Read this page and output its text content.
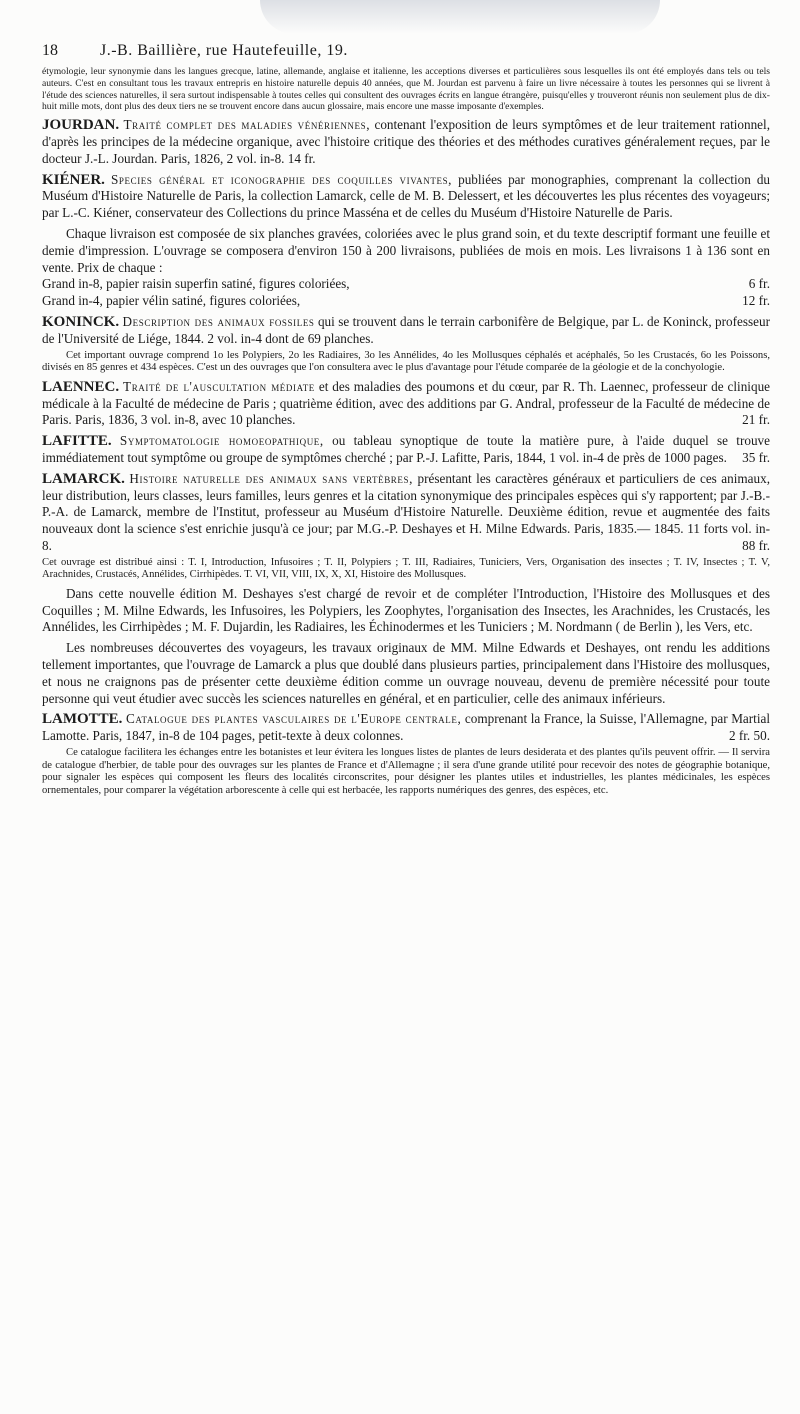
18	J.-B. Baillière, rue Hautefeuille, 19.

étymologie, leur synonymie dans les langues grecque, latine, allemande, anglaise et italienne, les acceptions diverses et particulières sous lesquelles ils ont été employés dans tels ou tels auteurs. C'est en consultant tous les travaux entrepris en histoire naturelle depuis 40 années, que M. Jourdan est parvenu à faire un livre nécessaire à toutes les personnes qui se livrent à l'étude des sciences naturelles, il sera surtout indispensable à toutes celles qui consultent des ouvrages écrits en langue étrangère, puisqu'elles y trouveront réunis non seulement plus de dix-huit mille mots, dont plus des deux tiers ne se trouvent encore dans aucun glossaire, mais encore une masse imposante d'exemples.

JOURDAN. Traité complet des maladies vénériennes, contenant l'exposition de leurs symptômes et de leur traitement rationnel, d'après les principes de la médecine organique, avec l'histoire critique des théories et des méthodes curatives généralement reçues, par le docteur J.-L. Jourdan. Paris, 1826, 2 vol. in-8. 14 fr.

KIÉNER. Species général et iconographie des coquilles vivantes, publiées par monographies, comprenant la collection du Muséum d'Histoire Naturelle de Paris, la collection Lamarck, celle de M. B. Delessert, et les découvertes les plus récentes des voyageurs; par L.-C. Kiéner, conservateur des Collections du prince Masséna et de celles du Muséum d'Histoire Naturelle de Paris.

Chaque livraison est composée de six planches gravées, coloriées avec le plus grand soin, et du texte descriptif formant une feuille et demie d'impression. L'ouvrage se composera d'environ 150 à 200 livraisons, publiées de mois en mois. Les livraisons 1 à 136 sont en vente. Prix de chaque :

Grand in-8, papier raisin superfin satiné, figures coloriées,	6 fr.
Grand in-4, papier vélin satiné, figures coloriées,	12 fr.

KONINCK. Description des animaux fossiles qui se trouvent dans le terrain carbonifère de Belgique, par L. de Koninck, professeur de l'Université de Liége, 1844. 2 vol. in-4 dont de 69 planches.

Cet important ouvrage comprend 1o les Polypiers, 2o les Radiaires, 3o les Annélides, 4o les Mollusques céphalés et acéphalés, 5o les Crustacés, 6o les Poissons, divisés en 85 genres et 434 espèces. C'est un des ouvrages que l'on consultera avec le plus d'avantage pour l'étude comparée de la géologie et de la conchyologie.

LAENNEC. Traité de l'auscultation médiate et des maladies des poumons et du cœur, par R. Th. Laennec, professeur de clinique médicale à la Faculté de médecine de Paris ; quatrième édition, avec des additions par G. Andral, professeur de la Faculté de médecine de Paris. Paris, 1836, 3 vol. in-8, avec 10 planches.	21 fr.

LAFITTE. Symptomatologie homoeopathique, ou tableau synoptique de toute la matière pure, à l'aide duquel se trouve immédiatement tout symptôme ou groupe de symptômes cherché ; par P.-J. Lafitte, Paris, 1844, 1 vol. in-4 de près de 1000 pages. 35 fr.

LAMARCK. Histoire naturelle des animaux sans vertèbres, présentant les caractères généraux et particuliers de ces animaux, leur distribution, leurs classes, leurs familles, leurs genres et la citation synonymique des principales espèces qui s'y rapportent; par J.-B.-P.-A. de Lamarck, membre de l'Institut, professeur au Muséum d'Histoire Naturelle. Deuxième édition, revue et augmentée des faits nouveaux dont la science s'est enrichie jusqu'à ce jour; par M.G.-P. Deshayes et H. Milne Edwards. Paris, 1835.— 1845. 11 forts vol. in-8.	88 fr.

Cet ouvrage est distribué ainsi : T. I, Introduction, Infusoires ; T. II, Polypiers ; T. III, Radiaires, Tuniciers, Vers, Organisation des insectes ; T. IV, Insectes ; T. V, Arachnides, Crustacés, Annélides, Cirrhipèdes. T. VI, VII, VIII, IX, X, XI, Histoire des Mollusques.

Dans cette nouvelle édition M. Deshayes s'est chargé de revoir et de compléter l'Introduction, l'Histoire des Mollusques et des Coquilles ; M. Milne Edwards, les Infusoires, les Polypiers, les Zoophytes, l'organisation des Insectes, les Arachnides, les Crustacés, les Annélides, les Cirrhipèdes ; M. F. Dujardin, les Radiaires, les Échinodermes et les Tuniciers ; M. Nordmann ( de Berlin ), les Vers, etc.

Les nombreuses découvertes des voyageurs, les travaux originaux de MM. Milne Edwards et Deshayes, ont rendu les additions tellement importantes, que l'ouvrage de Lamarck a plus que doublé dans plusieurs parties, principalement dans l'Histoire des mollusques, et nous ne craignons pas de présenter cette deuxième édition comme un ouvrage nouveau, devenu de première nécessité pour toute personne qui veut étudier avec succès les sciences naturelles en général, et en particulier, celle des animaux inférieurs.

LAMOTTE. Catalogue des plantes vasculaires de l'Europe centrale, comprenant la France, la Suisse, l'Allemagne, par Martial Lamotte. Paris, 1847, in-8 de 104 pages, petit-texte à deux colonnes.	2 fr. 50.

Ce catalogue facilitera les échanges entre les botanistes et leur évitera les longues listes de plantes de leurs desiderata et des plantes qu'ils peuvent offrir. — Il servira de catalogue d'herbier, de table pour des ouvrages sur les plantes de France et d'Allemagne ; il sera d'une grande utilité pour recevoir des notes de géographie botanique, pour signaler les espèces qui composent les fleurs des localités circonscrites, pour désigner les plantes utiles et industrielles, les plantes médicinales, les espèces ornementales, pour comparer la végétation arborescente à celle qui est herbacée, les rapports numériques des genres, des espèces, etc.
